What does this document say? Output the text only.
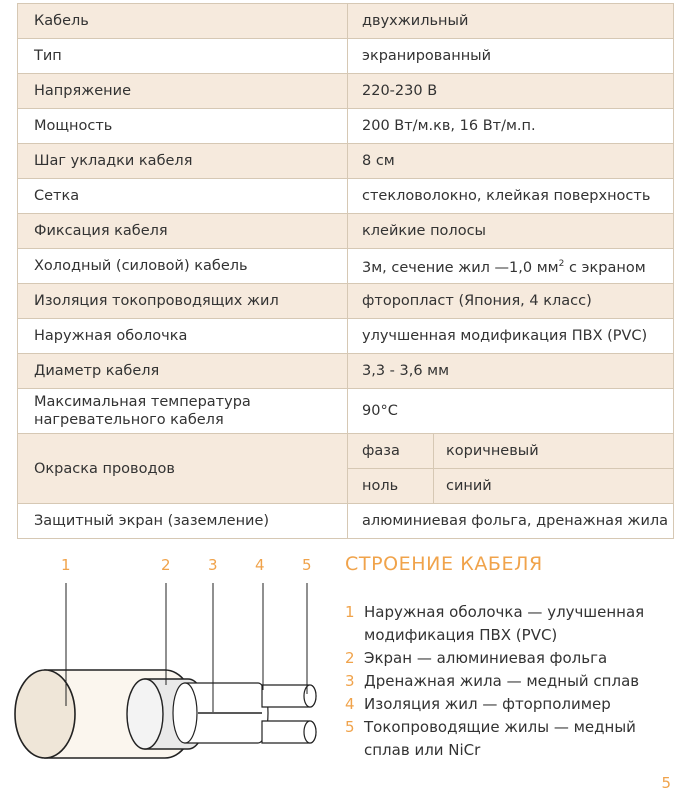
Кабель	двухжильный	
Тип	экранированный	
Напряжение	220-230 В	
Мощность	200 Вт/м.кв, 16 Вт/м.п.	
Шаг укладки кабеля	8 см	
Сетка	стекловолокно, клейкая поверхность	
Фиксация кабеля	клейкие полосы	
Холодный (силовой) кабель	3м, сечение жил —1,0 $мм^2$ с экраном	
Изоляция токопроводящих жил	фторопласт (Япония, 4 класс)	
Наружная оболочка	улучшенная модификация ПВХ (PVC)	
Диаметр кабеля	3,3 - 3,6 мм	
Максимальная температура
нагревательного кабеля	90°С	
Окраска проводов	фаза	коричневый
	ноль	синий
Защитный экран (заземление)	алюминиевая фольга, дренажная жила	
1	2 3 4 5 СТРОЕНИЕ КАБЕЛЯ
1 Наружная оболочка — улучшенная
модификация ПВХ (PVC)
2 Экран — алюминиевая фольга
3 Дренажная жила — медный сплав
4 Изоляция жил — фторполимер
5 Токопроводящие жилы — медный
сплав или NiCr
5
